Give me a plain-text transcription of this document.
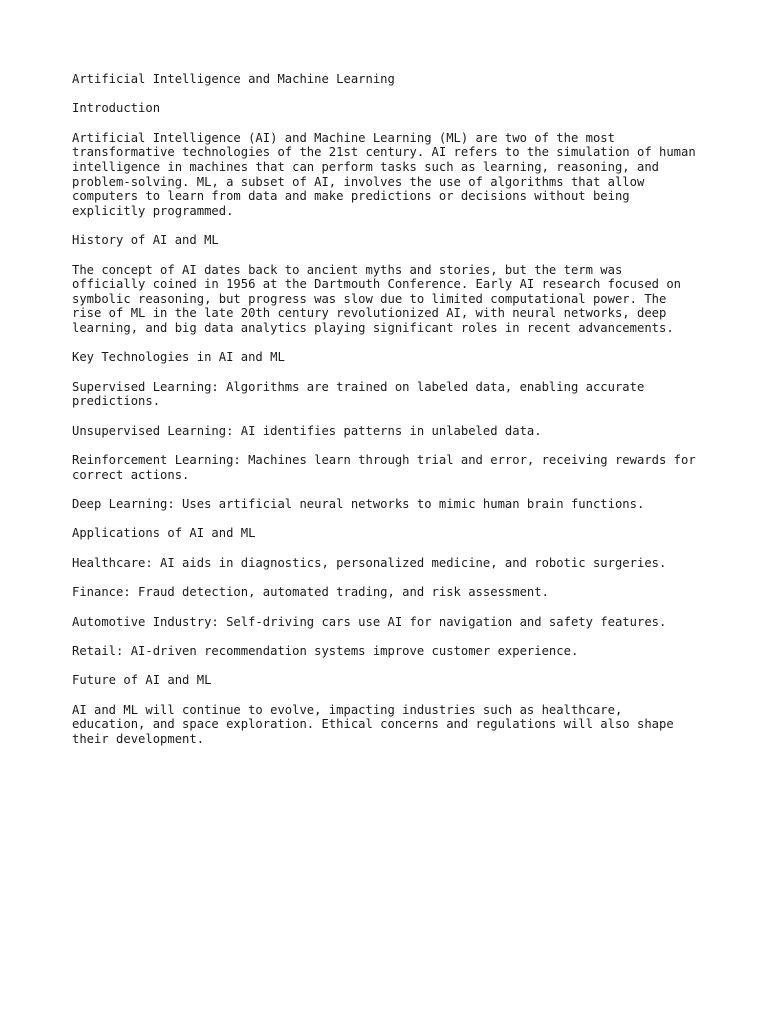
Artificial Intelligence and Machine Learning

Introduction

Artificial Intelligence (AI) and Machine Learning (ML) are two of the most transformative technologies of the 21st century. AI refers to the simulation of human intelligence in machines that can perform tasks such as learning, reasoning, and problem-solving. ML, a subset of AI, involves the use of algorithms that allow computers to learn from data and make predictions or decisions without being explicitly programmed.

History of AI and ML

The concept of AI dates back to ancient myths and stories, but the term was officially coined in 1956 at the Dartmouth Conference. Early AI research focused on symbolic reasoning, but progress was slow due to limited computational power. The rise of ML in the late 20th century revolutionized AI, with neural networks, deep learning, and big data analytics playing significant roles in recent advancements.

Key Technologies in AI and ML

Supervised Learning: Algorithms are trained on labeled data, enabling accurate predictions.

Unsupervised Learning: AI identifies patterns in unlabeled data.

Reinforcement Learning: Machines learn through trial and error, receiving rewards for correct actions.

Deep Learning: Uses artificial neural networks to mimic human brain functions.

Applications of AI and ML

Healthcare: AI aids in diagnostics, personalized medicine, and robotic surgeries.

Finance: Fraud detection, automated trading, and risk assessment.

Automotive Industry: Self-driving cars use AI for navigation and safety features.

Retail: AI-driven recommendation systems improve customer experience.

Future of AI and ML

AI and ML will continue to evolve, impacting industries such as healthcare, education, and space exploration. Ethical concerns and regulations will also shape their development.
